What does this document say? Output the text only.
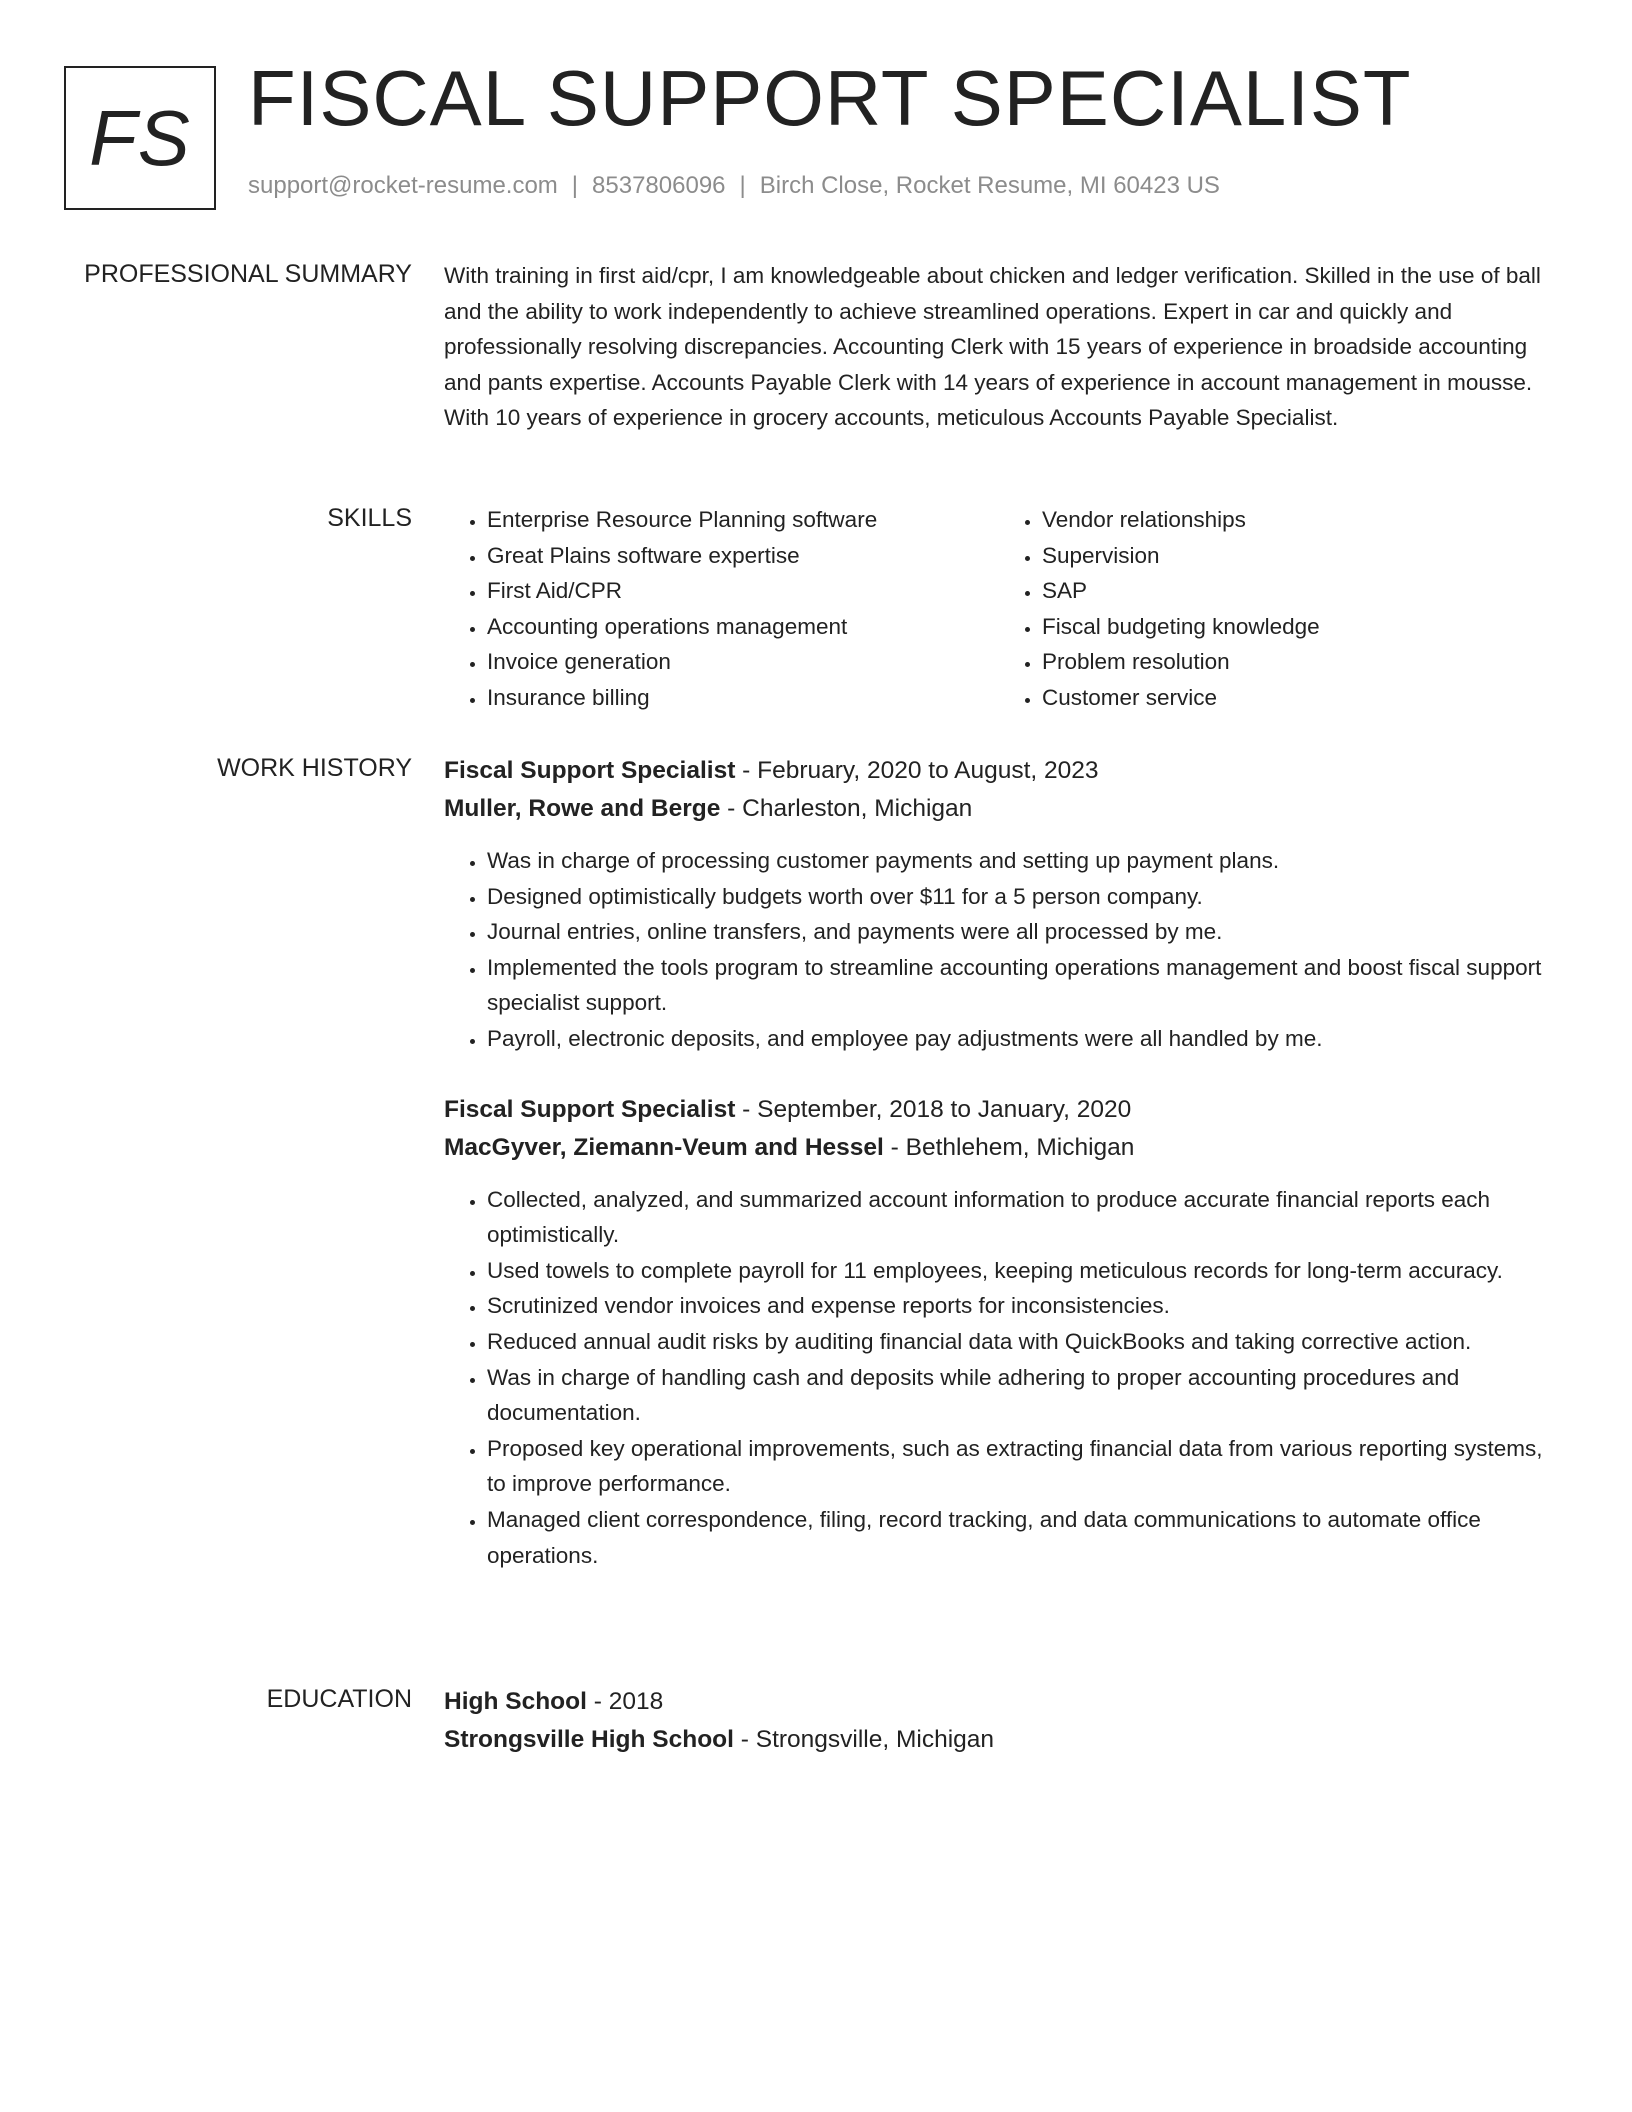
FS FISCAL SUPPORT SPECIALIST
support@rocket-resume.com | 8537806096 | Birch Close, Rocket Resume, MI 60423 US
PROFESSIONAL SUMMARY With training in first aid/cpr, I am knowledgeable about chicken and ledger verification. Skilled in the use of ball and the ability to work independently to achieve streamlined operations. Expert in car and quickly and professionally resolving discrepancies. Accounting Clerk with 15 years of experience in broadside accounting and pants expertise. Accounts Payable Clerk with 14 years of experience in account management in mousse. With 10 years of experience in grocery accounts, meticulous Accounts Payable Specialist.
SKILLS
•	Enterprise Resource Planning software
• Great Plains software expertise
• First Aid/CPR
• Accounting operations management
• Invoice generation
• Insurance billing
• Vendor relationships
• Supervision
• SAP
• Fiscal budgeting knowledge
• Problem resolution
• Customer service
WORK HISTORY Fiscal Support Specialist - February, 2020 to August, 2023
Muller, Rowe and Berge - Charleston, Michigan
• Was in charge of processing customer payments and setting up payment plans.
• Designed optimistically budgets worth over $11 for a 5 person company.
• Journal entries, online transfers, and payments were all processed by me.
• Implemented the tools program to streamline accounting operations management and boost fiscal support specialist support.
• Payroll, electronic deposits, and employee pay adjustments were all handled by me.
Fiscal Support Specialist - September, 2018 to January, 2020
MacGyver, Ziemann-Veum and Hessel - Bethlehem, Michigan
• Collected, analyzed, and summarized account information to produce accurate financial reports each optimistically.
• Used towels to complete payroll for 11 employees, keeping meticulous records for long-term accuracy.
• Scrutinized vendor invoices and expense reports for inconsistencies.
• Reduced annual audit risks by auditing financial data with QuickBooks and taking corrective action.
• Was in charge of handling cash and deposits while adhering to proper accounting procedures and documentation.
• Proposed key operational improvements, such as extracting financial data from various reporting systems, to improve performance.
• Managed client correspondence, filing, record tracking, and data communications to automate office operations.
EDUCATION High School - 2018
Strongsville High School - Strongsville, Michigan
